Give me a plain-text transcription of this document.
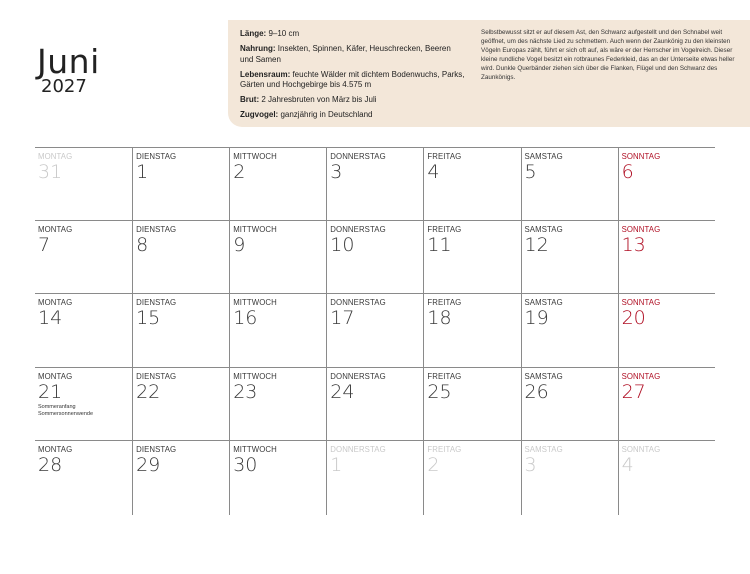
Juni
2027
Länge: 9–10 cm
Nahrung: Insekten, Spinnen, Käfer, Heuschrecken, Beeren und Samen
Lebensraum: feuchte Wälder mit dichtem Bodenwuchs, Parks, Gärten und Hochgebirge bis 4.575 m
Brut: 2 Jahresbruten von März bis Juli
Zugvogel: ganzjährig in Deutschland
Selbstbewusst sitzt er auf diesem Ast, den Schwanz aufgestellt und den Schnabel weit geöffnet, um des nächste Lied zu schmettern. Auch wenn der Zaunkönig zu den kleinsten Vögeln Europas zählt, führt er sich oft auf, als wäre er der Herrscher im Vogelreich. Dieser kleine rundliche Vogel besitzt ein rotbraunes Federkleid, das an der Unterseite etwas heller wird. Dunkle Querbänder ziehen sich über die Flanken, Flügel und den Schwanz des Zaunkönigs.
MONTAG
31
DIENSTAG
1
MITTWOCH
2
DONNERSTAG
3
FREITAG
4
SAMSTAG
5
SONNTAG
6
MONTAG
7
DIENSTAG
8
MITTWOCH
9
DONNERSTAG
10
FREITAG
11
SAMSTAG
12
SONNTAG
13
MONTAG
14
DIENSTAG
15
MITTWOCH
16
DONNERSTAG
17
FREITAG
18
SAMSTAG
19
SONNTAG
20
MONTAG
21
Sommeranfang
Sommersonnenwende
DIENSTAG
22
MITTWOCH
23
DONNERSTAG
24
FREITAG
25
SAMSTAG
26
SONNTAG
27
MONTAG
28
DIENSTAG
29
MITTWOCH
30
DONNERSTAG
1
FREITAG
2
SAMSTAG
3
SONNTAG
4
